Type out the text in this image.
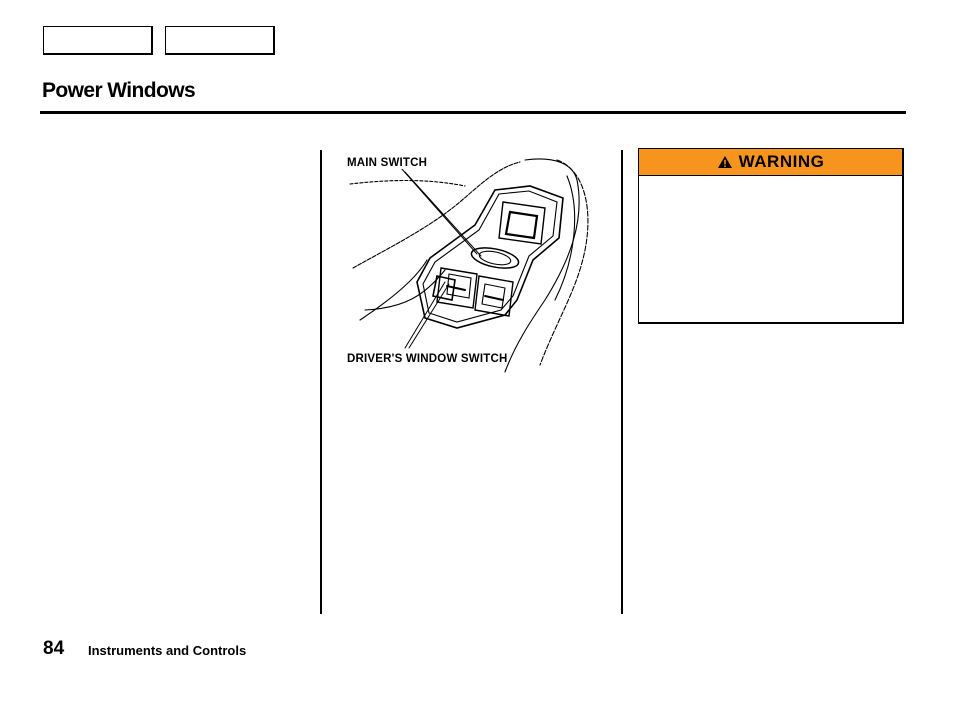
Power Windows
MAIN SWITCH
DRIVER'S WINDOW SWITCH
WARNING
84 Instruments and Controls
